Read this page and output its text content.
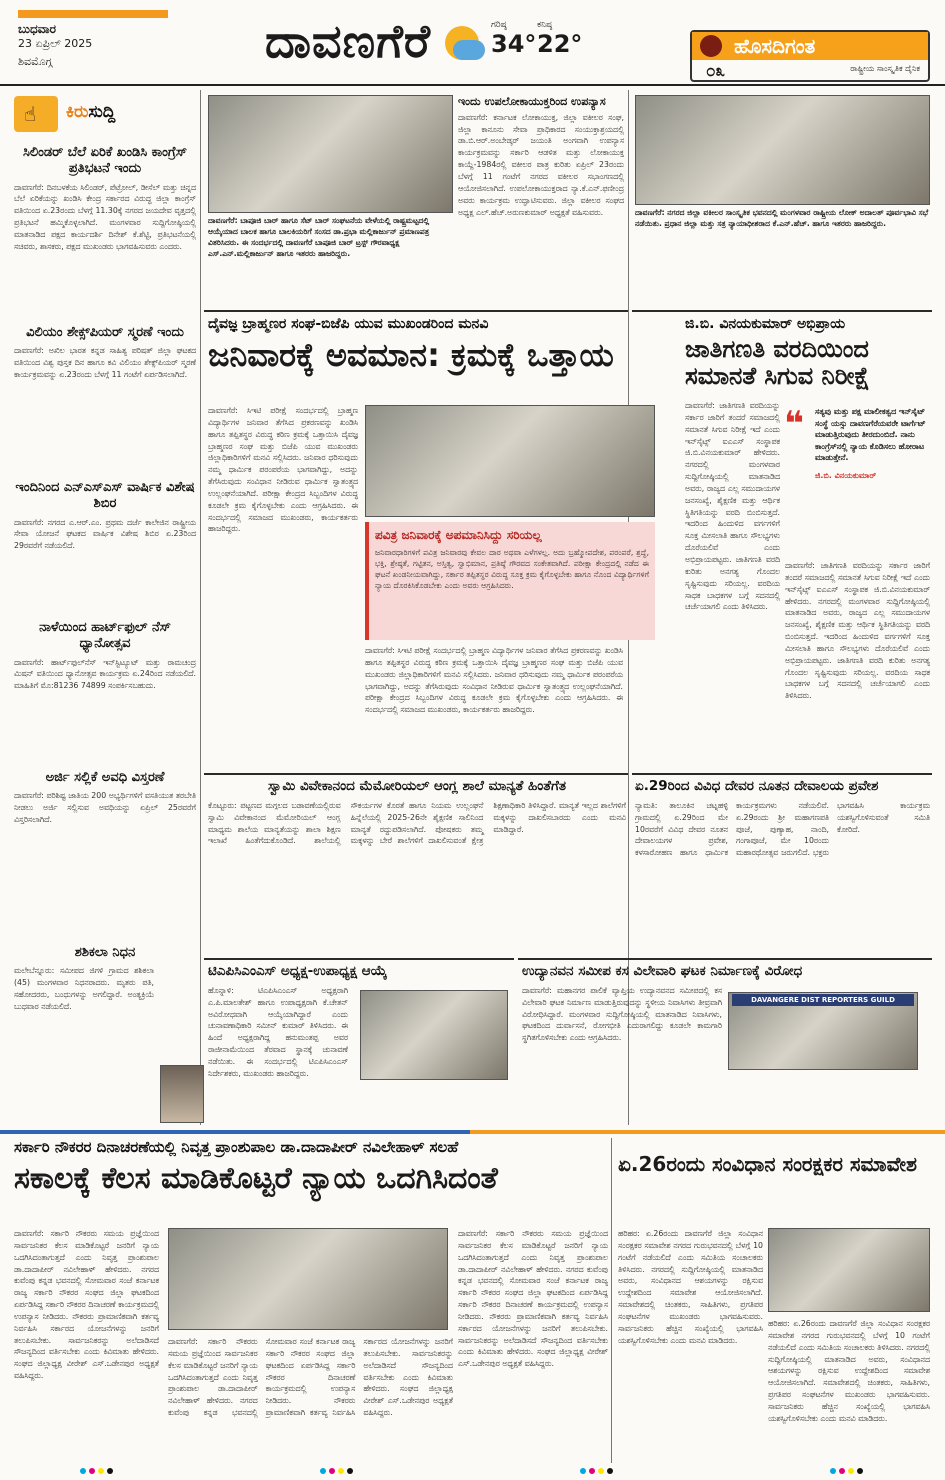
ಬುಧವಾರ
23 ಏಪ್ರಿಲ್ 2025
ಶಿವಮೊಗ್ಗ	ದಾವಣಗೆರೆ	ಗರಿಷ್ಠ
34°
ಕನಿಷ್ಠ
22°	ಹೊಸದಿಗಂತ
೦೩	ರಾಷ್ಟ್ರೀಯ ಸಾಂಸ್ಕೃತಿಕ ದೈನಿಕ
☝ ಕಿರುಸುದ್ದಿ
ಸಿಲಿಂಡರ್ ಬೆಲೆ ಏರಿಕೆ ಖಂಡಿಸಿ ಕಾಂಗ್ರೆಸ್ ಪ್ರತಿಭಟನೆ ಇಂದು
ದಾವಣಗೆರೆ: ದಿನಬಳಕೆಯ ಸಿಲಿಂಡರ್, ಪೆಟ್ರೋಲ್, ಡೀಸೆಲ್ ಮತ್ತು ಚಿನ್ನದ ಬೆಲೆ ಏರಿಕೆಯನ್ನು ಖಂಡಿಸಿ ಕೇಂದ್ರ ಸರ್ಕಾರದ ವಿರುದ್ಧ ಜಿಲ್ಲಾ ಕಾಂಗ್ರೆಸ್ ವತಿಯಿಂದ ಏ.23ರಂದು ಬೆಳಗ್ಗೆ 11.30ಕ್ಕೆ ನಗರದ ಜಯದೇವ ವೃತ್ತದಲ್ಲಿ ಪ್ರತಿಭಟನೆ ಹಮ್ಮಿಕೊಳ್ಳಲಾಗಿದೆ. ಮಂಗಳವಾರ ಸುದ್ದಿಗೋಷ್ಠಿಯಲ್ಲಿ ಮಾತನಾಡಿದ ಪಕ್ಷದ ಕಾರ್ಯದರ್ಶಿ ದಿನೇಶ್ ಕೆ.ಶೆಟ್ಟಿ, ಪ್ರತಿಭಟನೆಯಲ್ಲಿ ಸಚಿವರು, ಶಾಸಕರು, ಪಕ್ಷದ ಮುಖಂಡರು ಭಾಗವಹಿಸುವರು ಎಂದರು.
ವಿಲಿಯಂ ಶೇಕ್ಸ್‌ಪಿಯರ್ ಸ್ಮರಣೆ ಇಂದು
ದಾವಣಗೆರೆ: ಅಖಿಲ ಭಾರತ ಕನ್ನಡ ಸಾಹಿತ್ಯ ಪರಿಷತ್ ಜಿಲ್ಲಾ ಘಟಕದ ವತಿಯಿಂದ ವಿಶ್ವ ಪುಸ್ತಕ ದಿನ ಹಾಗೂ ಕವಿ ವಿಲಿಯಂ ಶೇಕ್ಸ್‌ಪಿಯರ್ ಸ್ಮರಣೆ ಕಾರ್ಯಕ್ರಮವನ್ನು ಏ.23ರಂದು ಬೆಳಗ್ಗೆ 11 ಗಂಟೆಗೆ ಏರ್ಪಡಿಸಲಾಗಿದೆ.
ಇಂದಿನಿಂದ ಎನ್ಎಸ್ಎಸ್ ವಾರ್ಷಿಕ ವಿಶೇಷ ಶಿಬಿರ
ದಾವಣಗೆರೆ: ನಗರದ ಎ.ಆರ್.ಎಂ. ಪ್ರಥಮ ದರ್ಜೆ ಕಾಲೇಜಿನ ರಾಷ್ಟ್ರೀಯ ಸೇವಾ ಯೋಜನೆ ಘಟಕದ ವಾರ್ಷಿಕ ವಿಶೇಷ ಶಿಬಿರ ಏ.23ರಿಂದ 29ರವರೆಗೆ ನಡೆಯಲಿದೆ.
ನಾಳೆಯಿಂದ ಹಾರ್ಟ್‌ಫುಲ್ ನೆಸ್ ಧ್ಯಾನೋತ್ಸವ
ದಾವಣಗೆರೆ: ಹಾರ್ಟ್‌ಫುಲ್‌ನೆಸ್ ಇನ್‌ಸ್ಟಿಟ್ಯೂಟ್ ಮತ್ತು ರಾಮಚಂದ್ರ ಮಿಷನ್ ವತಿಯಿಂದ ಧ್ಯಾನೋತ್ಸವ ಕಾರ್ಯಕ್ರಮ ಏ.24ರಿಂದ ನಡೆಯಲಿದೆ. ಮಾಹಿತಿಗೆ ಮೊ:81236 74899 ಸಂಪರ್ಕಿಸಬಹುದು.
ಅರ್ಜಿ ಸಲ್ಲಿಕೆ ಅವಧಿ ವಿಸ್ತರಣೆ
ದಾವಣಗೆರೆ: ಪರಿಶಿಷ್ಟ ಜಾತಿಯ 200 ಅಭ್ಯರ್ಥಿಗಳಿಗೆ ವಸತಿಯುತ ತರಬೇತಿ ನೀಡಲು ಅರ್ಜಿ ಸಲ್ಲಿಸುವ ಅವಧಿಯನ್ನು ಏಪ್ರಿಲ್ 25ರವರೆಗೆ ವಿಸ್ತರಿಸಲಾಗಿದೆ.
ಶಶಿಕಲಾ ನಿಧನ
ಮಲೇಬೆನ್ನೂರು: ಸಮೀಪದ ಜಿಗಳಿ ಗ್ರಾಮದ ಶಶಿಕಲಾ (45) ಮಂಗಳವಾರ ನಿಧನರಾದರು. ಮೃತರು ಪತಿ, ಸಹೋದರರು, ಬಂಧುಗಳನ್ನು ಅಗಲಿದ್ದಾರೆ. ಅಂತ್ಯಕ್ರಿಯೆ ಬುಧವಾರ ನಡೆಯಲಿದೆ.
ದಾವಣಗೆರೆ: ಬಾಪೂಜಿ ಬಾರ್ ಹಾಗೂ ಸೆಟ್ ಬಾರ್ ಸಂಘಟನೆಯ ವೇಳೆಯಲ್ಲಿ ರಾಷ್ಟ್ರಮಟ್ಟದಲ್ಲಿ ಆಯ್ಕೆಯಾದ ಬಾಲಕ ಹಾಗೂ ಬಾಲಕಿಯರಿಗೆ ಸಂಸದ ಡಾ.ಪ್ರಭಾ ಮಲ್ಲಿಕಾರ್ಜುನ್ ಪ್ರಮಾಣಪತ್ರ ವಿತರಿಸಿದರು. ಈ ಸಂದರ್ಭದಲ್ಲಿ ದಾವಣಗೆರೆ ಬಾಪೂಜಿ ಬಾರ್ ಟ್ರಸ್ಟ್ ಗೌರವಾಧ್ಯಕ್ಷ ಎಸ್.ಎನ್.ಮಲ್ಲಿಕಾರ್ಜುನ್ ಹಾಗೂ ಇತರರು ಹಾಜರಿದ್ದರು.
ಇಂದು ಉಪಲೋಕಾಯುಕ್ತರಿಂದ ಉಪನ್ಯಾಸ
ದಾವಣಗೆರೆ: ಕರ್ನಾಟಕ ಲೋಕಾಯುಕ್ತ, ಜಿಲ್ಲಾ ವಕೀಲರ ಸಂಘ, ಜಿಲ್ಲಾ ಕಾನೂನು ಸೇವಾ ಪ್ರಾಧಿಕಾರದ ಸಂಯುಕ್ತಾಶ್ರಯದಲ್ಲಿ ಡಾ.ಬಿ.ಆರ್.ಅಂಬೇಡ್ಕರ್ ಜಯಂತಿ ಅಂಗವಾಗಿ ಉಪನ್ಯಾಸ ಕಾರ್ಯಕ್ರಮವನ್ನು ಸರ್ಕಾರಿ ಆಡಳಿತ ಮತ್ತು ಲೋಕಾಯುಕ್ತ ಕಾಯ್ದೆ-1984ರಲ್ಲಿ ವಕೀಲರ ಪಾತ್ರ ಕುರಿತು ಏಪ್ರಿಲ್ 23ರಂದು ಬೆಳಗ್ಗೆ 11 ಗಂಟೆಗೆ ನಗರದ ವಕೀಲರ ಸಭಾಂಗಣದಲ್ಲಿ ಆಯೋಜಿಸಲಾಗಿದೆ. ಉಪಲೋಕಾಯುಕ್ತರಾದ ನ್ಯಾ.ಕೆ.ಎನ್.ಫಣೀಂದ್ರ ಅವರು ಕಾರ್ಯಕ್ರಮ ಉದ್ಘಾಟಿಸುವರು. ಜಿಲ್ಲಾ ವಕೀಲರ ಸಂಘದ ಅಧ್ಯಕ್ಷ ಎಲ್.ಹೆಚ್.ಅರುಣಕುಮಾರ್ ಅಧ್ಯಕ್ಷತೆ ವಹಿಸುವರು.	ದಾವಣಗೆರೆ: ನಗರದ ಜಿಲ್ಲಾ ವಕೀಲರ ಸಾಂಸ್ಕೃತಿಕ ಭವನದಲ್ಲಿ ಮಂಗಳವಾರ ರಾಷ್ಟ್ರೀಯ ಲೋಕ್ ಅದಾಲತ್ ಪೂರ್ವಭಾವಿ ಸಭೆ ನಡೆಯಿತು. ಪ್ರಧಾನ ಜಿಲ್ಲಾ ಮತ್ತು ಸತ್ರ ನ್ಯಾಯಾಧೀಶರಾದ ಕೆ.ಎನ್.ಹೆಚ್. ಹಾಗೂ ಇತರರು ಹಾಜರಿದ್ದರು.
ದೈವಜ್ಞ ಬ್ರಾಹ್ಮಣರ ಸಂಘ-ಬಿಜೆಪಿ ಯುವ ಮುಖಂಡರಿಂದ ಮನವಿ
ಜನಿವಾರಕ್ಕೆ ಅವಮಾನ: ಕ್ರಮಕ್ಕೆ ಒತ್ತಾಯ
ದಾವಣಗೆರೆ: ಸಿಇಟಿ ಪರೀಕ್ಷೆ ಸಂದರ್ಭದಲ್ಲಿ ಬ್ರಾಹ್ಮಣ ವಿದ್ಯಾರ್ಥಿಗಳ ಜನಿವಾರ ತೆಗೆಸಿದ ಪ್ರಕರಣವನ್ನು ಖಂಡಿಸಿ ಹಾಗೂ ತಪ್ಪಿತಸ್ಥರ ವಿರುದ್ಧ ಕಠಿಣ ಕ್ರಮಕ್ಕೆ ಒತ್ತಾಯಿಸಿ ದೈವಜ್ಞ ಬ್ರಾಹ್ಮಣರ ಸಂಘ ಮತ್ತು ಬಿಜೆಪಿ ಯುವ ಮುಖಂಡರು ಜಿಲ್ಲಾಧಿಕಾರಿಗಳಿಗೆ ಮನವಿ ಸಲ್ಲಿಸಿದರು. ಜನಿವಾರ ಧರಿಸುವುದು ನಮ್ಮ ಧಾರ್ಮಿಕ ಪರಂಪರೆಯ ಭಾಗವಾಗಿದ್ದು, ಅದನ್ನು ತೆಗೆಸಿರುವುದು ಸಂವಿಧಾನ ನೀಡಿರುವ ಧಾರ್ಮಿಕ ಸ್ವಾತಂತ್ರ್ಯದ ಉಲ್ಲಂಘನೆಯಾಗಿದೆ. ಪರೀಕ್ಷಾ ಕೇಂದ್ರದ ಸಿಬ್ಬಂದಿಗಳ ವಿರುದ್ಧ ಕೂಡಲೇ ಕ್ರಮ ಕೈಗೊಳ್ಳಬೇಕು ಎಂದು ಆಗ್ರಹಿಸಿದರು. ಈ ಸಂದರ್ಭದಲ್ಲಿ ಸಮಾಜದ ಮುಖಂಡರು, ಕಾರ್ಯಕರ್ತರು ಹಾಜರಿದ್ದರು.	ಪವಿತ್ರ ಜನಿವಾರಕ್ಕೆ ಅಪಮಾನಿಸಿದ್ದು ಸರಿಯಲ್ಲ
ಜನಿವಾರಧಾರಿಗಳಿಗೆ ಪವಿತ್ರ ಜನಿವಾರವು ಕೇವಲ ದಾರ ಅಥವಾ ಎಳೆಗಳಲ್ಲ. ಅದು ಬ್ರಹ್ಮೋಪದೇಶ, ಪರಂಪರೆ, ಶ್ರದ್ಧೆ, ಭಕ್ತಿ, ಶ್ರೇಷ್ಠತೆ, ಗಟ್ಟಿತನ, ಅಸ್ತಿತ್ವ, ಸ್ವಾಭಿಮಾನ, ಪ್ರತಿಷ್ಠೆ ಗೌರವದ ಸಂಕೇತವಾಗಿದೆ. ಪರೀಕ್ಷಾ ಕೇಂದ್ರದಲ್ಲಿ ನಡೆದ ಈ ಘಟನೆ ಖಂಡನೀಯವಾಗಿದ್ದು, ಸರ್ಕಾರ ತಪ್ಪಿತಸ್ಥರ ವಿರುದ್ಧ ಸೂಕ್ತ ಕ್ರಮ ಕೈಗೊಳ್ಳಬೇಕು ಹಾಗೂ ನೊಂದ ವಿದ್ಯಾರ್ಥಿಗಳಿಗೆ ನ್ಯಾಯ ದೊರಕಿಸಿಕೊಡಬೇಕು ಎಂದು ಅವರು ಆಗ್ರಹಿಸಿದರು.
ದಾವಣಗೆರೆ: ಸಿಇಟಿ ಪರೀಕ್ಷೆ ಸಂದರ್ಭದಲ್ಲಿ ಬ್ರಾಹ್ಮಣ ವಿದ್ಯಾರ್ಥಿಗಳ ಜನಿವಾರ ತೆಗೆಸಿದ ಪ್ರಕರಣವನ್ನು ಖಂಡಿಸಿ ಹಾಗೂ ತಪ್ಪಿತಸ್ಥರ ವಿರುದ್ಧ ಕಠಿಣ ಕ್ರಮಕ್ಕೆ ಒತ್ತಾಯಿಸಿ ದೈವಜ್ಞ ಬ್ರಾಹ್ಮಣರ ಸಂಘ ಮತ್ತು ಬಿಜೆಪಿ ಯುವ ಮುಖಂಡರು ಜಿಲ್ಲಾಧಿಕಾರಿಗಳಿಗೆ ಮನವಿ ಸಲ್ಲಿಸಿದರು. ಜನಿವಾರ ಧರಿಸುವುದು ನಮ್ಮ ಧಾರ್ಮಿಕ ಪರಂಪರೆಯ ಭಾಗವಾಗಿದ್ದು, ಅದನ್ನು ತೆಗೆಸಿರುವುದು ಸಂವಿಧಾನ ನೀಡಿರುವ ಧಾರ್ಮಿಕ ಸ್ವಾತಂತ್ರ್ಯದ ಉಲ್ಲಂಘನೆಯಾಗಿದೆ. ಪರೀಕ್ಷಾ ಕೇಂದ್ರದ ಸಿಬ್ಬಂದಿಗಳ ವಿರುದ್ಧ ಕೂಡಲೇ ಕ್ರಮ ಕೈಗೊಳ್ಳಬೇಕು ಎಂದು ಆಗ್ರಹಿಸಿದರು. ಈ ಸಂದರ್ಭದಲ್ಲಿ ಸಮಾಜದ ಮುಖಂಡರು, ಕಾರ್ಯಕರ್ತರು ಹಾಜರಿದ್ದರು.
ಜಿ.ಬಿ. ವಿನಯಕುಮಾರ್ ಅಭಿಪ್ರಾಯ
ಜಾತಿಗಣತಿ ವರದಿಯಿಂದ ಸಮಾನತೆ ಸಿಗುವ ನಿರೀಕ್ಷೆ
ದಾವಣಗೆರೆ: ಜಾತಿಗಣತಿ ವರದಿಯನ್ನು ಸರ್ಕಾರ ಜಾರಿಗೆ ತಂದರೆ ಸಮಾಜದಲ್ಲಿ ಸಮಾನತೆ ಸಿಗುವ ನಿರೀಕ್ಷೆ ಇದೆ ಎಂದು ಇನ್‌ಸೈಟ್ಸ್ ಐಎಎಸ್ ಸಂಸ್ಥಾಪಕ ಜಿ.ಬಿ.ವಿನಯಕುಮಾರ್ ಹೇಳಿದರು. ನಗರದಲ್ಲಿ ಮಂಗಳವಾರ ಸುದ್ದಿಗೋಷ್ಠಿಯಲ್ಲಿ ಮಾತನಾಡಿದ ಅವರು, ರಾಜ್ಯದ ಎಲ್ಲ ಸಮುದಾಯಗಳ ಜನಸಂಖ್ಯೆ, ಶೈಕ್ಷಣಿಕ ಮತ್ತು ಆರ್ಥಿಕ ಸ್ಥಿತಿಗತಿಯನ್ನು ವರದಿ ಬಿಂಬಿಸುತ್ತದೆ. ಇದರಿಂದ ಹಿಂದುಳಿದ ವರ್ಗಗಳಿಗೆ ಸೂಕ್ತ ಮೀಸಲಾತಿ ಹಾಗೂ ಸೌಲಭ್ಯಗಳು ದೊರೆಯಲಿವೆ ಎಂದು ಅಭಿಪ್ರಾಯಪಟ್ಟರು. ಜಾತಿಗಣತಿ ವರದಿ ಕುರಿತು ಅನಗತ್ಯ ಗೊಂದಲ ಸೃಷ್ಟಿಸುವುದು ಸರಿಯಲ್ಲ. ವರದಿಯ ಸಾಧಕ ಬಾಧಕಗಳ ಬಗ್ಗೆ ಸದನದಲ್ಲಿ ಚರ್ಚೆಯಾಗಲಿ ಎಂದು ತಿಳಿಸಿದರು.
❝ ಸತ್ಯವು ಮತ್ತು ಪಕ್ಷ ಮಾಲೀಕತ್ವದ ಇನ್‌ಸೈಟ್ ಸಂಸ್ಥೆ ಯಸ್ಸು ದಾವಣಗೆರೆಯವರೇ ಟಾರ್ಗೆಟ್ ಮಾಡುತ್ತಿರುವುದು ತೀರದುಂಬಿದೆ. ನಾನು ಕಾಂಗ್ರೆಸ್‌ನಲ್ಲಿ ನ್ಯಾಯ ಕೊಡಿಸಲು ಹೋರಾಟ ಮಾಡುತ್ತೇನೆ.
ಜಿ.ಬಿ. ವಿನಯಕುಮಾರ್
ದಾವಣಗೆರೆ: ಜಾತಿಗಣತಿ ವರದಿಯನ್ನು ಸರ್ಕಾರ ಜಾರಿಗೆ ತಂದರೆ ಸಮಾಜದಲ್ಲಿ ಸಮಾನತೆ ಸಿಗುವ ನಿರೀಕ್ಷೆ ಇದೆ ಎಂದು ಇನ್‌ಸೈಟ್ಸ್ ಐಎಎಸ್ ಸಂಸ್ಥಾಪಕ ಜಿ.ಬಿ.ವಿನಯಕುಮಾರ್ ಹೇಳಿದರು. ನಗರದಲ್ಲಿ ಮಂಗಳವಾರ ಸುದ್ದಿಗೋಷ್ಠಿಯಲ್ಲಿ ಮಾತನಾಡಿದ ಅವರು, ರಾಜ್ಯದ ಎಲ್ಲ ಸಮುದಾಯಗಳ ಜನಸಂಖ್ಯೆ, ಶೈಕ್ಷಣಿಕ ಮತ್ತು ಆರ್ಥಿಕ ಸ್ಥಿತಿಗತಿಯನ್ನು ವರದಿ ಬಿಂಬಿಸುತ್ತದೆ. ಇದರಿಂದ ಹಿಂದುಳಿದ ವರ್ಗಗಳಿಗೆ ಸೂಕ್ತ ಮೀಸಲಾತಿ ಹಾಗೂ ಸೌಲಭ್ಯಗಳು ದೊರೆಯಲಿವೆ ಎಂದು ಅಭಿಪ್ರಾಯಪಟ್ಟರು. ಜಾತಿಗಣತಿ ವರದಿ ಕುರಿತು ಅನಗತ್ಯ ಗೊಂದಲ ಸೃಷ್ಟಿಸುವುದು ಸರಿಯಲ್ಲ. ವರದಿಯ ಸಾಧಕ ಬಾಧಕಗಳ ಬಗ್ಗೆ ಸದನದಲ್ಲಿ ಚರ್ಚೆಯಾಗಲಿ ಎಂದು ತಿಳಿಸಿದರು.
ಸ್ವಾಮಿ ವಿವೇಕಾನಂದ ಮೆಮೋರಿಯಲ್ ಆಂಗ್ಲ ಶಾಲೆ ಮಾನ್ಯತೆ ಹಿಂತೆಗೆತ
ಕೊಟ್ಟೂರು: ಪಟ್ಟಣದ ಮಗ್ಗಲದ ಬಡಾವಣೆಯಲ್ಲಿರುವ ಸ್ವಾಮಿ ವಿವೇಕಾನಂದ ಮೆಮೋರಿಯಲ್ ಆಂಗ್ಲ ಮಾಧ್ಯಮ ಶಾಲೆಯ ಮಾನ್ಯತೆಯನ್ನು ಶಾಲಾ ಶಿಕ್ಷಣ ಇಲಾಖೆ ಹಿಂತೆಗೆದುಕೊಂಡಿದೆ. ಶಾಲೆಯಲ್ಲಿ ಸೌಕರ್ಯಗಳ ಕೊರತೆ ಹಾಗೂ ನಿಯಮ ಉಲ್ಲಂಘನೆ ಹಿನ್ನೆಲೆಯಲ್ಲಿ 2025-26ನೇ ಶೈಕ್ಷಣಿಕ ಸಾಲಿನಿಂದ ಮಾನ್ಯತೆ ರದ್ದುಪಡಿಸಲಾಗಿದೆ. ಪೋಷಕರು ತಮ್ಮ ಮಕ್ಕಳನ್ನು ಬೇರೆ ಶಾಲೆಗಳಿಗೆ ದಾಖಲಿಸುವಂತೆ ಕ್ಷೇತ್ರ ಶಿಕ್ಷಣಾಧಿಕಾರಿ ತಿಳಿಸಿದ್ದಾರೆ. ಮಾನ್ಯತೆ ಇಲ್ಲದ ಶಾಲೆಗಳಿಗೆ ಮಕ್ಕಳನ್ನು ದಾಖಲಿಸಬಾರದು ಎಂದು ಮನವಿ ಮಾಡಿದ್ದಾರೆ.
ಏ.29ರಿಂದ ವಿವಿಧ ದೇವರ ನೂತನ ದೇವಾಲಯ ಪ್ರವೇಶ
ನ್ಯಾಮತಿ: ತಾಲೂಕಿನ ಚಟ್ನಹಳ್ಳಿ ಗ್ರಾಮದಲ್ಲಿ ಏ.29ರಿಂದ ಮೇ 10ರವರೆಗೆ ವಿವಿಧ ದೇವರ ನೂತನ ದೇವಾಲಯಗಳ ಪ್ರವೇಶ, ಕಳಸಾರೋಹಣ ಹಾಗೂ ಧಾರ್ಮಿಕ ಕಾರ್ಯಕ್ರಮಗಳು ನಡೆಯಲಿವೆ. ಏ.29ರಂದು ಶ್ರೀ ಮಹಾಗಣಪತಿ ಪೂಜೆ, ಪುಣ್ಯಾಹ, ನಾಂದಿ, ಗಂಗಾಪೂಜೆ, ಮೇ 10ರಂದು ಮಹಾರಥೋತ್ಸವ ಜರುಗಲಿದೆ. ಭಕ್ತರು ಭಾಗವಹಿಸಿ ಕಾರ್ಯಕ್ರಮ ಯಶಸ್ವಿಗೊಳಿಸುವಂತೆ ಸಮಿತಿ ಕೋರಿದೆ.
ಟಿಎಪಿಸಿಎಂಎಸ್ ಅಧ್ಯಕ್ಷ-ಉಪಾಧ್ಯಕ್ಷ ಆಯ್ಕೆ
ಹೊನ್ನಾಳಿ: ಟಿಎಪಿಸಿಎಂಎಸ್ ಅಧ್ಯಕ್ಷರಾಗಿ ಎ.ಪಿ.ಮಾಲತೇಶ್ ಹಾಗೂ ಉಪಾಧ್ಯಕ್ಷರಾಗಿ ಕೆ.ಚೇತನ್ ಅವಿರೋಧವಾಗಿ ಆಯ್ಕೆಯಾಗಿದ್ದಾರೆ ಎಂದು ಚುನಾವಣಾಧಿಕಾರಿ ಸಮೀನ್ ಕುಮಾರ್ ತಿಳಿಸಿದರು. ಈ ಹಿಂದೆ ಅಧ್ಯಕ್ಷರಾಗಿದ್ದ ಹನುಮಂತಪ್ಪ ಅವರ ರಾಜೀನಾಮೆಯಿಂದ ತೆರವಾದ ಸ್ಥಾನಕ್ಕೆ ಚುನಾವಣೆ ನಡೆಯಿತು. ಈ ಸಂದರ್ಭದಲ್ಲಿ ಟಿಎಪಿಸಿಎಂಎಸ್ ನಿರ್ದೇಶಕರು, ಮುಖಂಡರು ಹಾಜರಿದ್ದರು.
ಉದ್ಯಾನವನ ಸಮೀಪ ಕಸ ವಿಲೇವಾರಿ ಘಟಕ ನಿರ್ಮಾಣಕ್ಕೆ ವಿರೋಧ
ದಾವಣಗೆರೆ: ಮಹಾನಗರ ಪಾಲಿಕೆ ವ್ಯಾಪ್ತಿಯ ಉದ್ಯಾನವನದ ಸಮೀಪದಲ್ಲಿ ಕಸ ವಿಲೇವಾರಿ ಘಟಕ ನಿರ್ಮಾಣ ಮಾಡುತ್ತಿರುವುದನ್ನು ಸ್ಥಳೀಯ ನಿವಾಸಿಗಳು ತೀವ್ರವಾಗಿ ವಿರೋಧಿಸಿದ್ದಾರೆ. ಮಂಗಳವಾರ ಸುದ್ದಿಗೋಷ್ಠಿಯಲ್ಲಿ ಮಾತನಾಡಿದ ನಿವಾಸಿಗಳು, ಘಟಕದಿಂದ ದುರ್ವಾಸನೆ, ರೋಗಭೀತಿ ಎದುರಾಗಲಿದ್ದು ಕೂಡಲೇ ಕಾಮಗಾರಿ ಸ್ಥಗಿತಗೊಳಿಸಬೇಕು ಎಂದು ಆಗ್ರಹಿಸಿದರು.
DAVANGERE DIST REPORTERS GUILD
ಸರ್ಕಾರಿ ನೌಕರರ ದಿನಾಚರಣೆಯಲ್ಲಿ ನಿವೃತ್ತ ಪ್ರಾಂಶುಪಾಲ ಡಾ.ದಾದಾಪೀರ್ ನವಿಲೇಹಾಳ್ ಸಲಹೆ
ಸಕಾಲಕ್ಕೆ ಕೆಲಸ ಮಾಡಿಕೊಟ್ಟರೆ ನ್ಯಾಯ ಒದಗಿಸಿದಂತೆ
ದಾವಣಗೆರೆ: ಸರ್ಕಾರಿ ನೌಕರರು ಸಮಯ ಪ್ರಜ್ಞೆಯಿಂದ ಸಾರ್ವಜನಿಕರ ಕೆಲಸ ಮಾಡಿಕೊಟ್ಟರೆ ಜನರಿಗೆ ನ್ಯಾಯ ಒದಗಿಸಿದಂತಾಗುತ್ತದೆ ಎಂದು ನಿವೃತ್ತ ಪ್ರಾಂಶುಪಾಲ ಡಾ.ದಾದಾಪೀರ್ ನವಿಲೇಹಾಳ್ ಹೇಳಿದರು. ನಗರದ ಕುವೆಂಪು ಕನ್ನಡ ಭವನದಲ್ಲಿ ಸೋಮವಾರ ಸಂಜೆ ಕರ್ನಾಟಕ ರಾಜ್ಯ ಸರ್ಕಾರಿ ನೌಕರರ ಸಂಘದ ಜಿಲ್ಲಾ ಘಟಕದಿಂದ ಏರ್ಪಡಿಸಿದ್ದ ಸರ್ಕಾರಿ ನೌಕರರ ದಿನಾಚರಣೆ ಕಾರ್ಯಕ್ರಮದಲ್ಲಿ ಉಪನ್ಯಾಸ ನೀಡಿದರು. ನೌಕರರು ಪ್ರಾಮಾಣಿಕವಾಗಿ ಕರ್ತವ್ಯ ನಿರ್ವಹಿಸಿ ಸರ್ಕಾರದ ಯೋಜನೆಗಳನ್ನು ಜನರಿಗೆ ತಲುಪಿಸಬೇಕು. ಸಾರ್ವಜನಿಕರನ್ನು ಅಲೆದಾಡಿಸದೆ ಸೌಜನ್ಯದಿಂದ ವರ್ತಿಸಬೇಕು ಎಂದು ಕಿವಿಮಾತು ಹೇಳಿದರು. ಸಂಘದ ಜಿಲ್ಲಾಧ್ಯಕ್ಷ ವೀರೇಶ್ ಎಸ್.ಒಡೇನಪುರ ಅಧ್ಯಕ್ಷತೆ ವಹಿಸಿದ್ದರು.
ದಾವಣಗೆರೆ: ಸರ್ಕಾರಿ ನೌಕರರು ಸಮಯ ಪ್ರಜ್ಞೆಯಿಂದ ಸಾರ್ವಜನಿಕರ ಕೆಲಸ ಮಾಡಿಕೊಟ್ಟರೆ ಜನರಿಗೆ ನ್ಯಾಯ ಒದಗಿಸಿದಂತಾಗುತ್ತದೆ ಎಂದು ನಿವೃತ್ತ ಪ್ರಾಂಶುಪಾಲ ಡಾ.ದಾದಾಪೀರ್ ನವಿಲೇಹಾಳ್ ಹೇಳಿದರು. ನಗರದ ಕುವೆಂಪು ಕನ್ನಡ ಭವನದಲ್ಲಿ ಸೋಮವಾರ ಸಂಜೆ ಕರ್ನಾಟಕ ರಾಜ್ಯ ಸರ್ಕಾರಿ ನೌಕರರ ಸಂಘದ ಜಿಲ್ಲಾ ಘಟಕದಿಂದ ಏರ್ಪಡಿಸಿದ್ದ ಸರ್ಕಾರಿ ನೌಕರರ ದಿನಾಚರಣೆ ಕಾರ್ಯಕ್ರಮದಲ್ಲಿ ಉಪನ್ಯಾಸ ನೀಡಿದರು. ನೌಕರರು ಪ್ರಾಮಾಣಿಕವಾಗಿ ಕರ್ತವ್ಯ ನಿರ್ವಹಿಸಿ ಸರ್ಕಾರದ ಯೋಜನೆಗಳನ್ನು ಜನರಿಗೆ ತಲುಪಿಸಬೇಕು. ಸಾರ್ವಜನಿಕರನ್ನು ಅಲೆದಾಡಿಸದೆ ಸೌಜನ್ಯದಿಂದ ವರ್ತಿಸಬೇಕು ಎಂದು ಕಿವಿಮಾತು ಹೇಳಿದರು. ಸಂಘದ ಜಿಲ್ಲಾಧ್ಯಕ್ಷ ವೀರೇಶ್ ಎಸ್.ಒಡೇನಪುರ ಅಧ್ಯಕ್ಷತೆ ವಹಿಸಿದ್ದರು.
ದಾವಣಗೆರೆ: ಸರ್ಕಾರಿ ನೌಕರರು ಸಮಯ ಪ್ರಜ್ಞೆಯಿಂದ ಸಾರ್ವಜನಿಕರ ಕೆಲಸ ಮಾಡಿಕೊಟ್ಟರೆ ಜನರಿಗೆ ನ್ಯಾಯ ಒದಗಿಸಿದಂತಾಗುತ್ತದೆ ಎಂದು ನಿವೃತ್ತ ಪ್ರಾಂಶುಪಾಲ ಡಾ.ದಾದಾಪೀರ್ ನವಿಲೇಹಾಳ್ ಹೇಳಿದರು. ನಗರದ ಕುವೆಂಪು ಕನ್ನಡ ಭವನದಲ್ಲಿ ಸೋಮವಾರ ಸಂಜೆ ಕರ್ನಾಟಕ ರಾಜ್ಯ ಸರ್ಕಾರಿ ನೌಕರರ ಸಂಘದ ಜಿಲ್ಲಾ ಘಟಕದಿಂದ ಏರ್ಪಡಿಸಿದ್ದ ಸರ್ಕಾರಿ ನೌಕರರ ದಿನಾಚರಣೆ ಕಾರ್ಯಕ್ರಮದಲ್ಲಿ ಉಪನ್ಯಾಸ ನೀಡಿದರು. ನೌಕರರು ಪ್ರಾಮಾಣಿಕವಾಗಿ ಕರ್ತವ್ಯ ನಿರ್ವಹಿಸಿ ಸರ್ಕಾರದ ಯೋಜನೆಗಳನ್ನು ಜನರಿಗೆ ತಲುಪಿಸಬೇಕು. ಸಾರ್ವಜನಿಕರನ್ನು ಅಲೆದಾಡಿಸದೆ ಸೌಜನ್ಯದಿಂದ ವರ್ತಿಸಬೇಕು ಎಂದು ಕಿವಿಮಾತು ಹೇಳಿದರು. ಸಂಘದ ಜಿಲ್ಲಾಧ್ಯಕ್ಷ ವೀರೇಶ್ ಎಸ್.ಒಡೇನಪುರ ಅಧ್ಯಕ್ಷತೆ ವಹಿಸಿದ್ದರು.
ಏ.26ರಂದು ಸಂವಿಧಾನ ಸಂರಕ್ಷಕರ ಸಮಾವೇಶ
ಹರಿಹರ: ಏ.26ರಂದು ದಾವಣಗೆರೆ ಜಿಲ್ಲಾ ಸಂವಿಧಾನ ಸಂರಕ್ಷಕರ ಸಮಾವೇಶ ನಗರದ ಗುರುಭವನದಲ್ಲಿ ಬೆಳಗ್ಗೆ 10 ಗಂಟೆಗೆ ನಡೆಯಲಿದೆ ಎಂದು ಸಮಿತಿಯ ಸಂಚಾಲಕರು ತಿಳಿಸಿದರು. ನಗರದಲ್ಲಿ ಸುದ್ದಿಗೋಷ್ಠಿಯಲ್ಲಿ ಮಾತನಾಡಿದ ಅವರು, ಸಂವಿಧಾನದ ಆಶಯಗಳನ್ನು ರಕ್ಷಿಸುವ ಉದ್ದೇಶದಿಂದ ಸಮಾವೇಶ ಆಯೋಜಿಸಲಾಗಿದೆ. ಸಮಾವೇಶದಲ್ಲಿ ಚಿಂತಕರು, ಸಾಹಿತಿಗಳು, ಪ್ರಗತಿಪರ ಸಂಘಟನೆಗಳ ಮುಖಂಡರು ಭಾಗವಹಿಸುವರು. ಸಾರ್ವಜನಿಕರು ಹೆಚ್ಚಿನ ಸಂಖ್ಯೆಯಲ್ಲಿ ಭಾಗವಹಿಸಿ ಯಶಸ್ವಿಗೊಳಿಸಬೇಕು ಎಂದು ಮನವಿ ಮಾಡಿದರು.
ಹರಿಹರ: ಏ.26ರಂದು ದಾವಣಗೆರೆ ಜಿಲ್ಲಾ ಸಂವಿಧಾನ ಸಂರಕ್ಷಕರ ಸಮಾವೇಶ ನಗರದ ಗುರುಭವನದಲ್ಲಿ ಬೆಳಗ್ಗೆ 10 ಗಂಟೆಗೆ ನಡೆಯಲಿದೆ ಎಂದು ಸಮಿತಿಯ ಸಂಚಾಲಕರು ತಿಳಿಸಿದರು. ನಗರದಲ್ಲಿ ಸುದ್ದಿಗೋಷ್ಠಿಯಲ್ಲಿ ಮಾತನಾಡಿದ ಅವರು, ಸಂವಿಧಾನದ ಆಶಯಗಳನ್ನು ರಕ್ಷಿಸುವ ಉದ್ದೇಶದಿಂದ ಸಮಾವೇಶ ಆಯೋಜಿಸಲಾಗಿದೆ. ಸಮಾವೇಶದಲ್ಲಿ ಚಿಂತಕರು, ಸಾಹಿತಿಗಳು, ಪ್ರಗತಿಪರ ಸಂಘಟನೆಗಳ ಮುಖಂಡರು ಭಾಗವಹಿಸುವರು. ಸಾರ್ವಜನಿಕರು ಹೆಚ್ಚಿನ ಸಂಖ್ಯೆಯಲ್ಲಿ ಭಾಗವಹಿಸಿ ಯಶಸ್ವಿಗೊಳಿಸಬೇಕು ಎಂದು ಮನವಿ ಮಾಡಿದರು.
